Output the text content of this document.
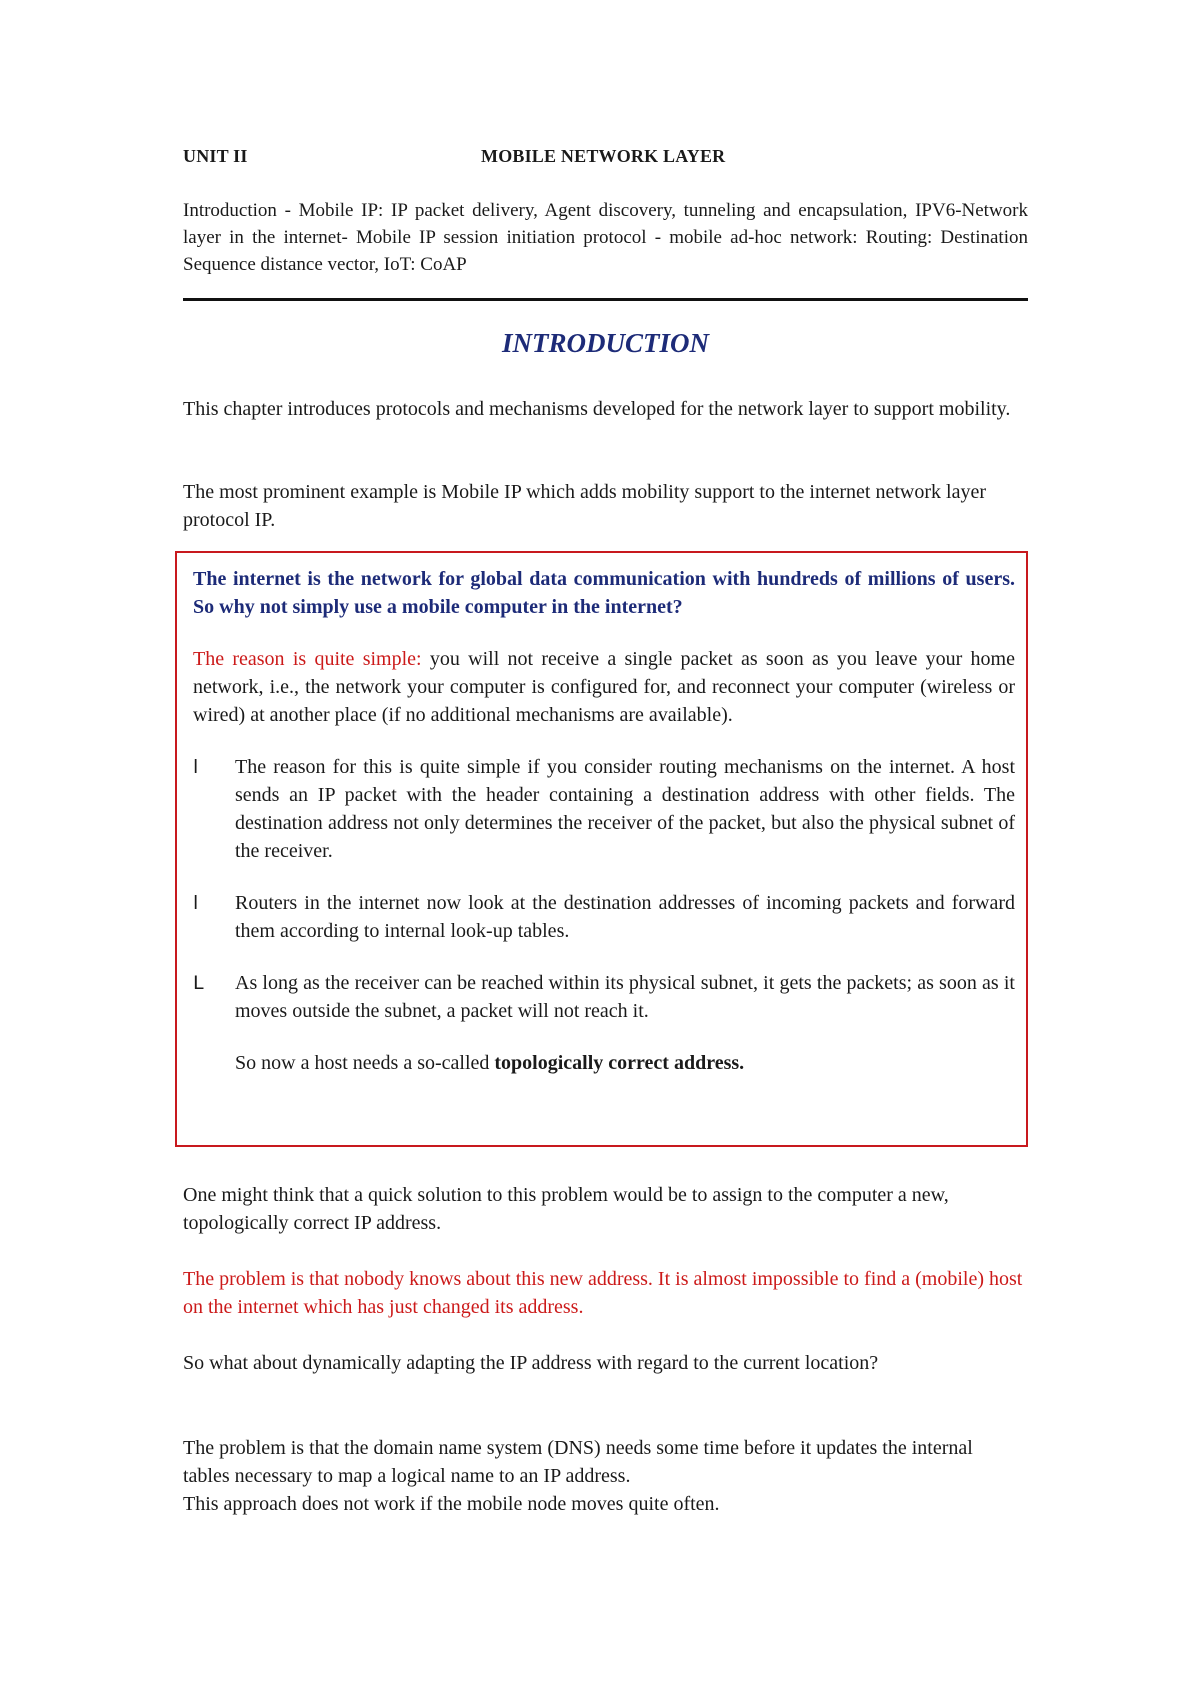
UNIT II	MOBILE NETWORK LAYER

Introduction - Mobile IP: IP packet delivery, Agent discovery, tunneling and encapsulation, IPV6-Network layer in the internet- Mobile IP session initiation protocol - mobile ad-hoc network: Routing: Destination Sequence distance vector, IoT: CoAP

INTRODUCTION

This chapter introduces protocols and mechanisms developed for the network layer to support mobility.

The most prominent example is Mobile IP which adds mobility support to the internet network layer protocol IP.

The internet is the network for global data communication with hundreds of millions of users. So why not simply use a mobile computer in the internet?

The reason is quite simple: you will not receive a single packet as soon as you leave your home network, i.e., the network your computer is configured for, and reconnect your computer (wireless or wired) at another place (if no additional mechanisms are available).

l The reason for this is quite simple if you consider routing mechanisms on the internet. A host sends an IP packet with the header containing a destination address with other fields. The destination address not only determines the receiver of the packet, but also the physical subnet of the receiver.

l Routers in the internet now look at the destination addresses of incoming packets and forward them according to internal look-up tables.

L As long as the receiver can be reached within its physical subnet, it gets the packets; as soon as it moves outside the subnet, a packet will not reach it.

So now a host needs a so-called topologically correct address.

One might think that a quick solution to this problem would be to assign to the computer a new, topologically correct IP address.

The problem is that nobody knows about this new address. It is almost impossible to find a (mobile) host on the internet which has just changed its address.

So what about dynamically adapting the IP address with regard to the current location?

The problem is that the domain name system (DNS) needs some time before it updates the internal tables necessary to map a logical name to an IP address.
This approach does not work if the mobile node moves quite often.
